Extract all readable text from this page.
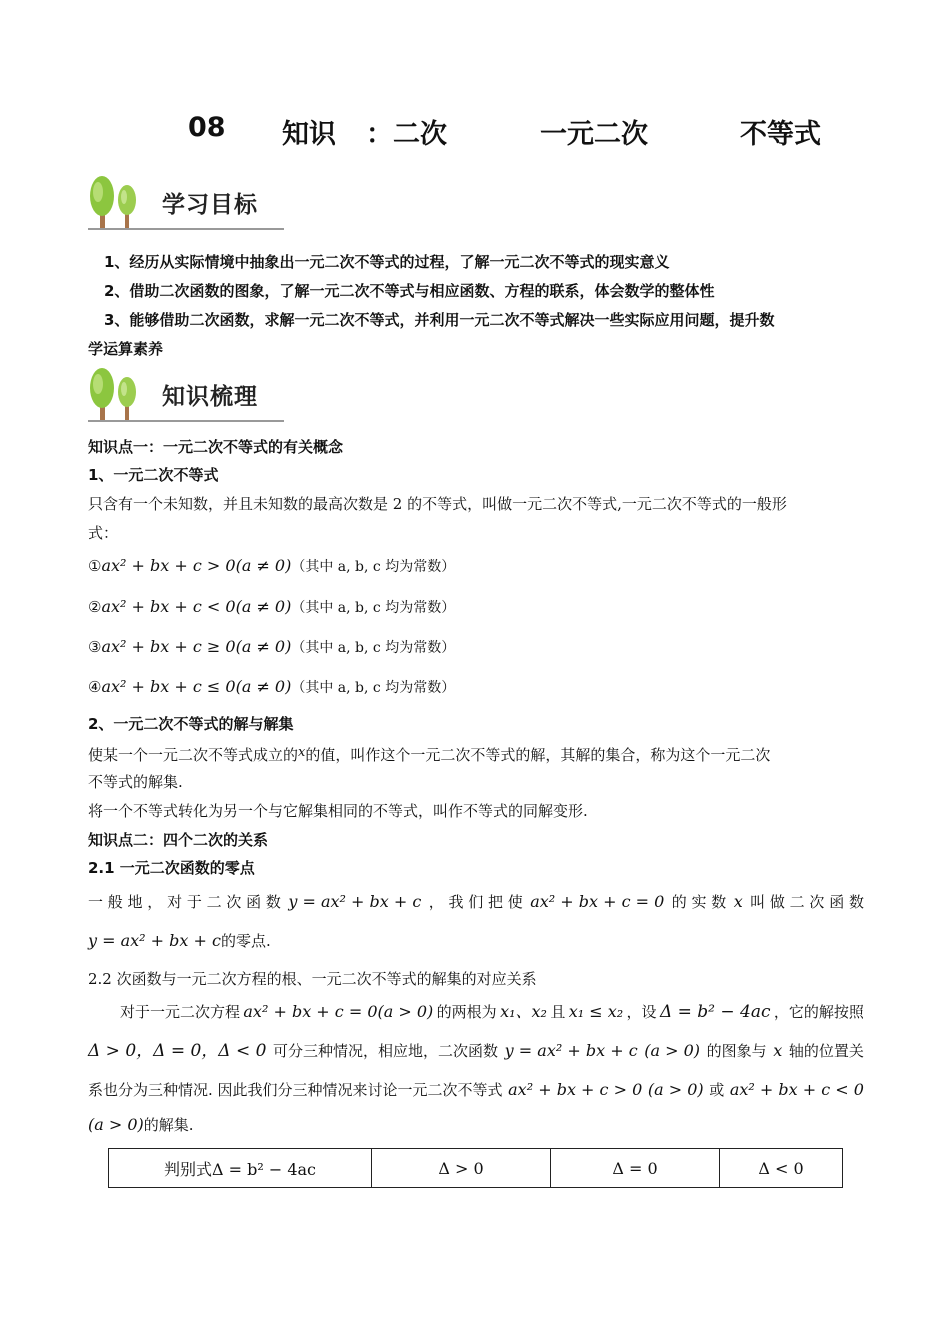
08 知识 ：二次	一元二次	不等式
学习目标
1、经历从实际情境中抽象出一元二次不等式的过程，了解一元二次不等式的现实意义
2、借助二次函数的图象，了解一元二次不等式与相应函数、方程的联系，体会数学的整体性
3、能够借助二次函数，求解一元二次不等式，并利用一元二次不等式解决一些实际应用问题，提升数
学运算素养
知识梳理
知识点一：一元二次不等式的有关概念
1、一元二次不等式
只含有一个未知数，并且未知数的最高次数是 2 的不等式，叫做一元二次不等式,一元二次不等式的一般形
式：
①ax² + bx + c > 0(a ≠ 0)（其中 a, b, c 均为常数）
②ax² + bx + c < 0(a ≠ 0)（其中 a, b, c 均为常数）
③ax² + bx + c ≥ 0(a ≠ 0)（其中 a, b, c 均为常数）
④ax² + bx + c ≤ 0(a ≠ 0)（其中 a, b, c 均为常数）
2、一元二次不等式的解与解集
使某一个一元二次不等式成立的x的值，叫作这个一元二次不等式的解，其解的集合，称为这个一元二次
不等式的解集.
将一个不等式转化为另一个与它解集相同的不等式，叫作不等式的同解变形.
知识点二：四个二次的关系
2.1 一元二次函数的零点
一 般 地 ， 对 于 二 次 函 数 y = ax² + bx + c ， 我 们 把 使 ax² + bx + c = 0 的 实 数 x 叫 做 二 次 函 数
y = ax² + bx + c的零点.
2.2 次函数与一元二次方程的根、一元二次不等式的解集的对应关系
对于一元二次方程 ax² + bx + c = 0(a > 0) 的两根为 x₁、x₂ 且 x₁ ≤ x₂ ，设 Δ = b² − 4ac ，它的解按照
Δ > 0，Δ = 0，Δ < 0 可分三种情况，相应地，二次函数 y = ax² + bx + c (a > 0) 的图象与 x 轴的位置关
系也分为三种情况. 因此我们分三种情况来讨论一元二次不等式 ax² + bx + c > 0 (a > 0) 或 ax² + bx + c < 0
(a > 0)的解集.
判别式Δ = b² − 4ac	Δ > 0	Δ = 0	Δ < 0
